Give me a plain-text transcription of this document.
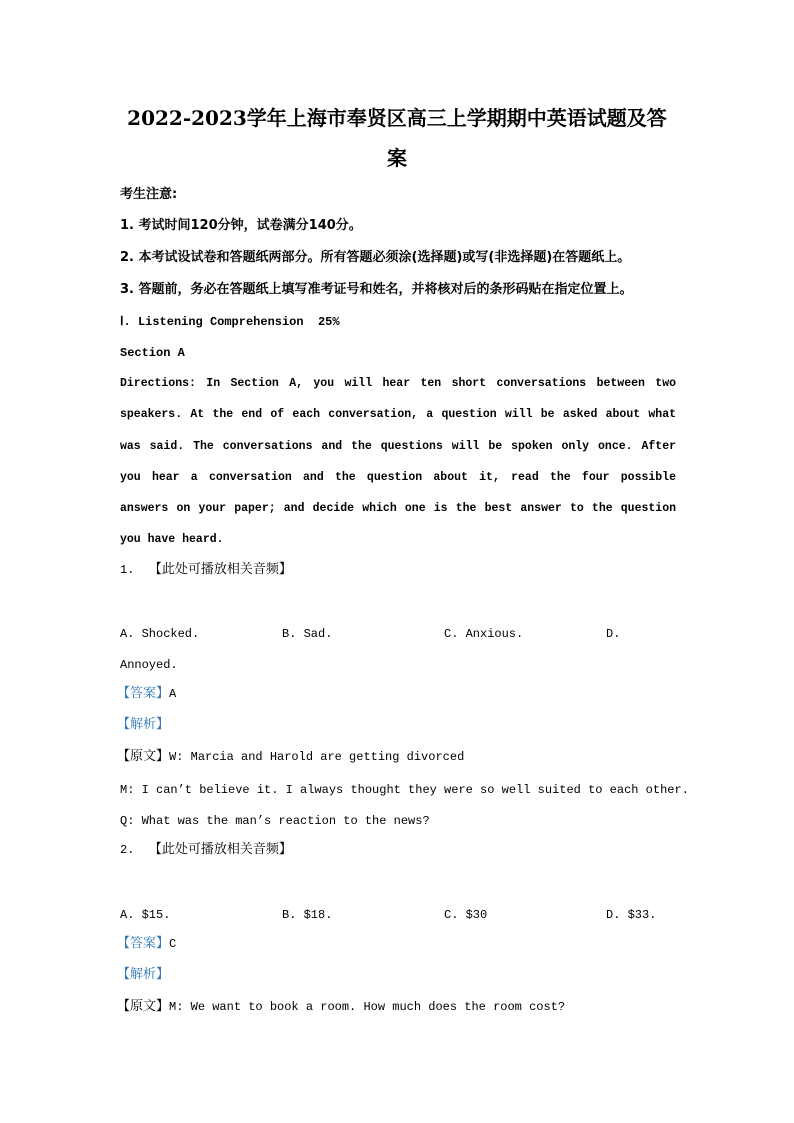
2022-2023学年上海市奉贤区高三上学期期中英语试题及答
案
考生注意:
1. 考试时间120分钟，试卷满分140分。
2. 本考试设试卷和答题纸两部分。所有答题必须涂(选择题)或写(非选择题)在答题纸上。
3. 答题前，务必在答题纸上填写准考证号和姓名，并将核对后的条形码贴在指定位置上。
Ⅰ. Listening Comprehension  25%
Section A
Directions: In Section A, you will hear ten short conversations between two
speakers. At the end of each conversation, a question will be asked about what
was said. The conversations and the questions will be spoken only once. After
you hear a conversation and the question about it, read the four possible
answers on your paper; and decide which one is the best answer to the question
you have heard.
1. 【此处可播放相关音频】
A. Shocked.	B. Sad.	C. Anxious.	D.
Annoyed.
【答案】A
【解析】
【原文】W: Marcia and Harold are getting divorced
M: I can’t believe it. I always thought they were so well suited to each other.
Q: What was the man’s reaction to the news?
2. 【此处可播放相关音频】
A. $15.	B. $18.	C. $30	D. $33.
【答案】C
【解析】
【原文】M: We want to book a room. How much does the room cost?
